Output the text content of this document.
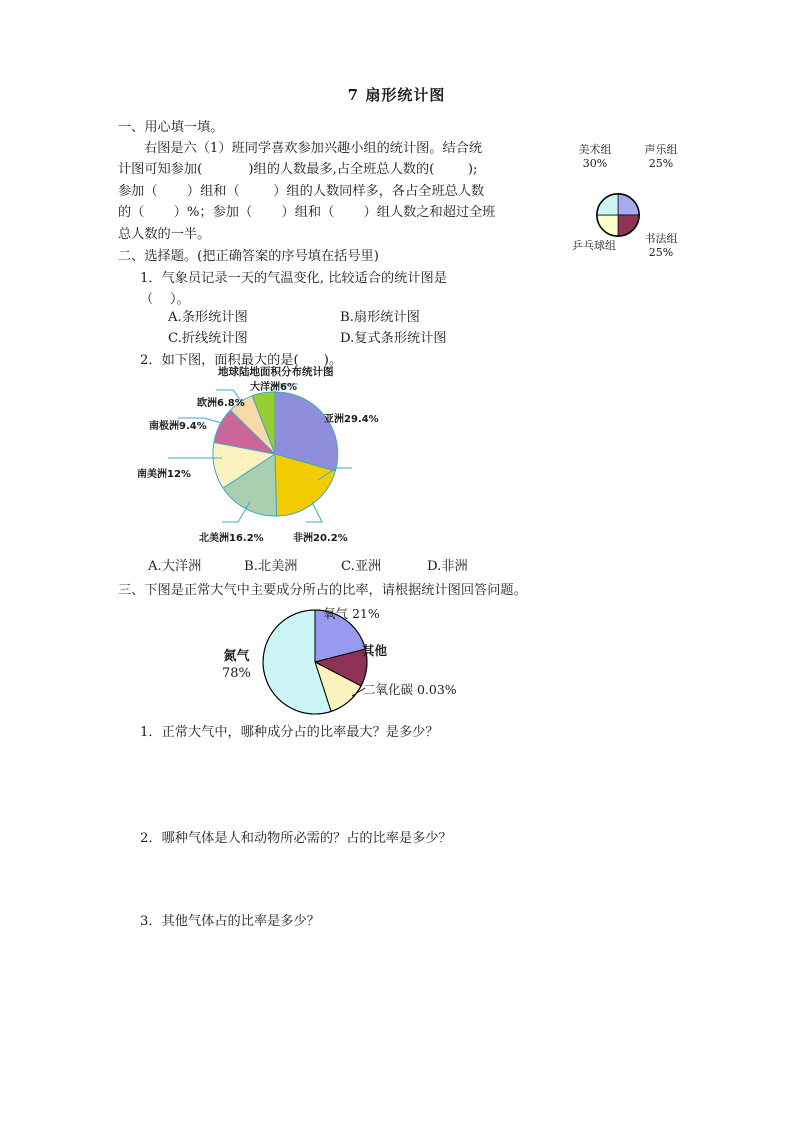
7 扇形统计图
一、用心填一填。
右图是六（1）班同学喜欢参加兴趣小组的统计图。结合统
计图可知参加(           )组的人数最多,占全班总人数的(        );
参加（       ）组和（        ）组的人数同样多，各占全班总人数
的（       ）%；参加（       ）组和（       ）组人数之和超过全班
总人数的一半。
美术组
30%
声乐组
25%
乒乓球组
书法组
25%
二、选择题。(把正确答案的序号填在括号里)
1．气象员记录一天的气温变化, 比较适合的统计图是
（    ）。
A.条形统计图	B.扇形统计图
C.折线统计图	D.复式条形统计图
2．如下图，面积最大的是(      )。
地球陆地面积分布统计图
大洋洲6%
欧洲6.8%
南极洲9.4%
南美洲12%
北美洲16.2%	非洲20.2%
亚洲29.4%
A.大洋洲	B.北美洲	C.亚洲	D.非洲
三、下图是正常大气中主要成分所占的比率，请根据统计图回答问题。
氧气 21%
其他
二氧化碳 0.03%
氮气
78%
1．正常大气中，哪种成分占的比率最大？是多少？
2．哪种气体是人和动物所必需的？占的比率是多少？
3．其他气体占的比率是多少？
